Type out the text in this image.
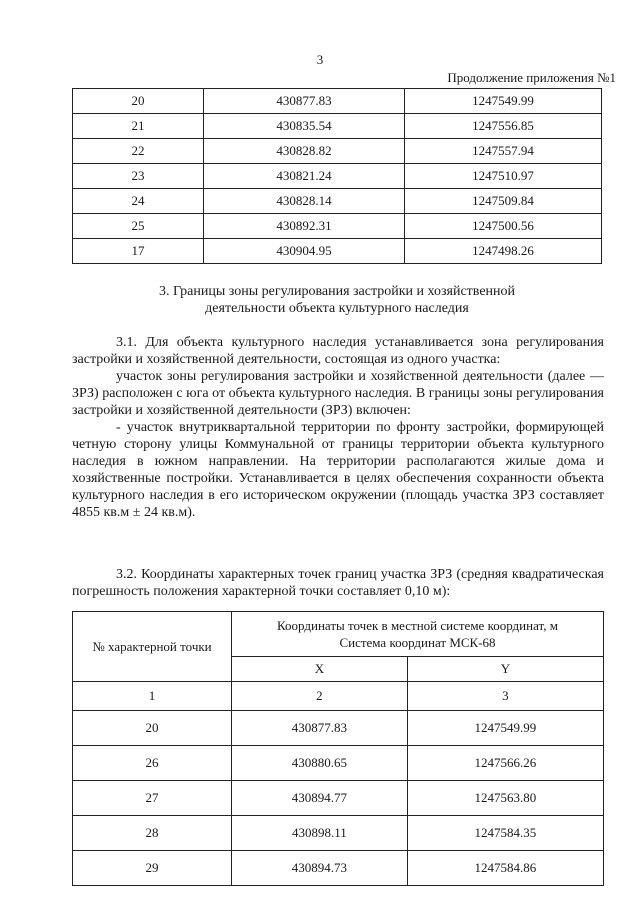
3
Продолжение приложения №1
20	430877.83	1247549.99
21	430835.54	1247556.85
22	430828.82	1247557.94
23	430821.24	1247510.97
24	430828.14	1247509.84
25	430892.31	1247500.56
17	430904.95	1247498.26
3. Границы зоны регулирования застройки и хозяйственной
деятельности объекта культурного наследия

3.1. Для объекта культурного наследия устанавливается зона регулирования застройки и хозяйственной деятельности, состоящая из одного участка:

участок зоны регулирования застройки и хозяйственной деятельности (далее — ЗРЗ) расположен с юга от объекта культурного наследия. В границы зоны регулирования застройки и хозяйственной деятельности (ЗРЗ) включен:

- участок внутриквартальной территории по фронту застройки, формирующей четную сторону улицы Коммунальной от границы территории объекта культурного наследия в южном направлении. На территории располагаются жилые дома и хозяйственные постройки. Устанавливается в целях обеспечения сохранности объекта культурного наследия в его историческом окружении (площадь участка ЗРЗ составляет 4855 кв.м ± 24 кв.м).

3.2. Координаты характерных точек границ участка ЗРЗ (средняя квадратическая погрешность положения характерной точки составляет 0,10 м):

№ характерной точки	Координаты точек в местной системе координат, м
Система координат МСК-68	

	X	Y
1	2	3
20	430877.83	1247549.99
26	430880.65	1247566.26
27	430894.77	1247563.80
28	430898.11	1247584.35
29	430894.73	1247584.86
